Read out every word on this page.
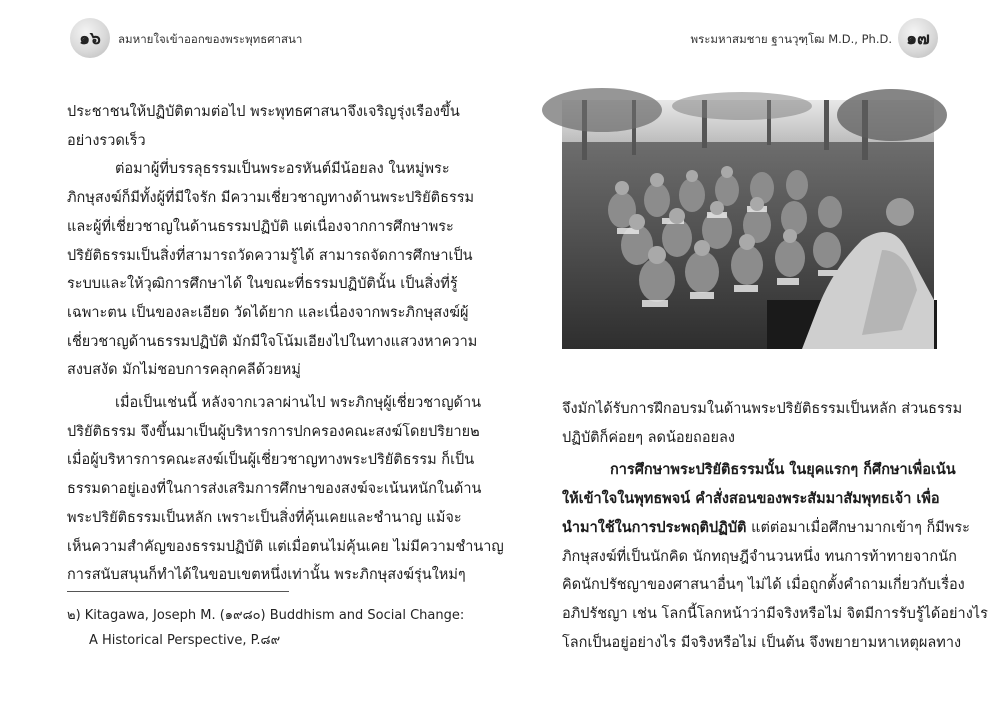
๑๖	ลมหายใจเข้าออกของพระพุทธศาสนา
ประชาชนให้ปฏิบัติตามต่อไป พระพุทธศาสนาจึงเจริญรุ่งเรืองขึ้น
อย่างรวดเร็ว
ต่อมาผู้ที่บรรลุธรรมเป็นพระอรหันต์มีน้อยลง ในหมู่พระ
ภิกษุสงฆ์ก็มีทั้งผู้ที่มีใจรัก มีความเชี่ยวชาญทางด้านพระปริยัติธรรม
และผู้ที่เชี่ยวชาญในด้านธรรมปฏิบัติ แต่เนื่องจากการศึกษาพระ
ปริยัติธรรมเป็นสิ่งที่สามารถวัดความรู้ได้ สามารถจัดการศึกษาเป็น
ระบบและให้วุฒิการศึกษาได้ ในขณะที่ธรรมปฏิบัตินั้น เป็นสิ่งที่รู้
เฉพาะตน เป็นของละเอียด วัดได้ยาก และเนื่องจากพระภิกษุสงฆ์ผู้
เชี่ยวชาญด้านธรรมปฏิบัติ มักมีใจโน้มเอียงไปในทางแสวงหาความ
สงบสงัด มักไม่ชอบการคลุกคลีด้วยหมู่
เมื่อเป็นเช่นนี้ หลังจากเวลาผ่านไป พระภิกษุผู้เชี่ยวชาญด้าน
ปริยัติธรรม จึงขึ้นมาเป็นผู้บริหารการปกครองคณะสงฆ์โดยปริยาย๒
เมื่อผู้บริหารการคณะสงฆ์เป็นผู้เชี่ยวชาญทางพระปริยัติธรรม ก็เป็น
ธรรมดาอยู่เองที่ในการส่งเสริมการศึกษาของสงฆ์จะเน้นหนักในด้าน
พระปริยัติธรรมเป็นหลัก เพราะเป็นสิ่งที่คุ้นเคยและชำนาญ แม้จะ
เห็นความสำคัญของธรรมปฏิบัติ แต่เมื่อตนไม่คุ้นเคย ไม่มีความชำนาญ
การสนับสนุนก็ทำได้ในขอบเขตหนึ่งเท่านั้น พระภิกษุสงฆ์รุ่นใหม่ๆ
๒) Kitagawa, Joseph M. (๑๙๘๐) Buddhism and Social Change:
A Historical Perspective, P.๘๙
พระมหาสมชาย ฐานวุฑฺโฒ M.D., Ph.D. ๑๗
จึงมักได้รับการฝึกอบรมในด้านพระปริยัติธรรมเป็นหลัก ส่วนธรรม
ปฏิบัติก็ค่อยๆ ลดน้อยถอยลง
การศึกษาพระปริยัติธรรมนั้น ในยุคแรกๆ ก็ศึกษาเพื่อเน้น
ให้เข้าใจในพุทธพจน์ คำสั่งสอนของพระสัมมาสัมพุทธเจ้า เพื่อ
นำมาใช้ในการประพฤติปฏิบัติ แต่ต่อมาเมื่อศึกษามากเข้าๆ ก็มีพระ
ภิกษุสงฆ์ที่เป็นนักคิด นักทฤษฎีจำนวนหนึ่ง ทนการท้าทายจากนัก
คิดนักปรัชญาของศาสนาอื่นๆ ไม่ได้ เมื่อถูกตั้งคำถามเกี่ยวกับเรื่อง
อภิปรัชญา เช่น โลกนี้โลกหน้าว่ามีจริงหรือไม่ จิตมีการรับรู้ได้อย่างไร
โลกเป็นอยู่อย่างไร มีจริงหรือไม่ เป็นต้น จึงพยายามหาเหตุผลทาง
